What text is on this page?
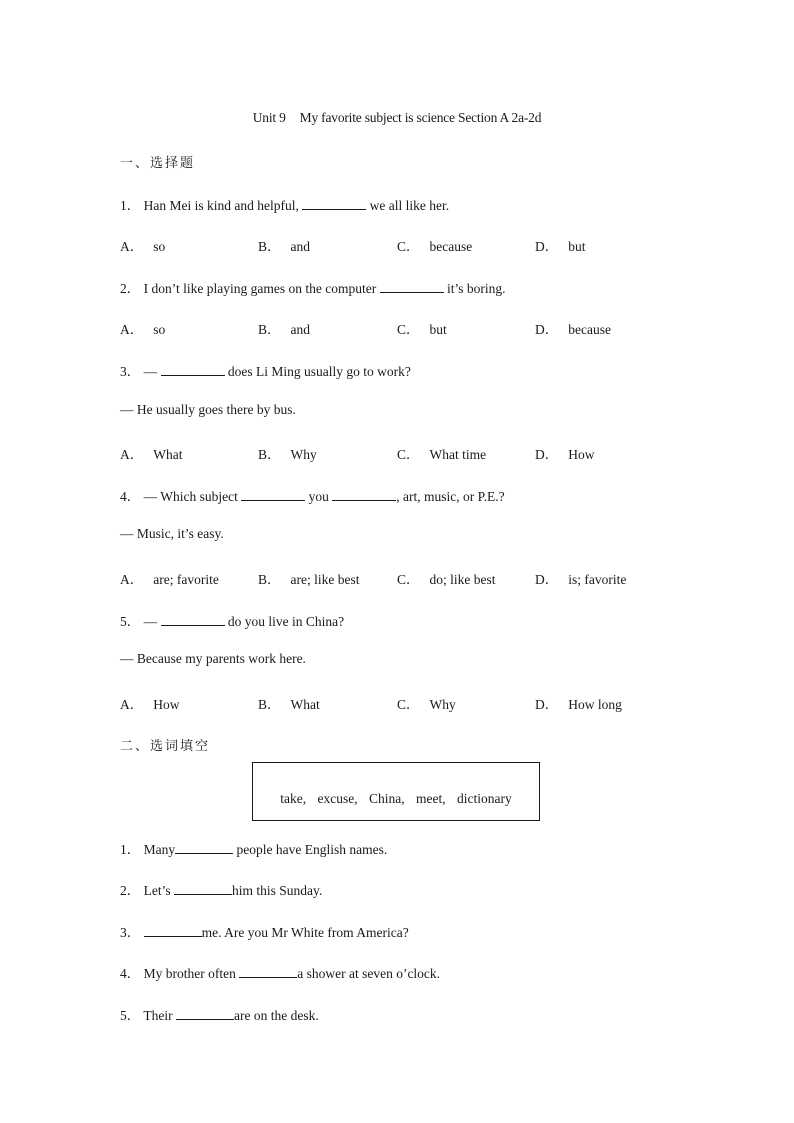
Unit 9 My favorite subject is science Section A 2a-2d
一、选择题
1． Han Mei is kind and helpful,	we all like her.
A． so	B． and	C． because	D． but
2． I don’t like playing games on the computer	it’s boring.
A． so	B． and	C． but	D． because
3． —	does Li Ming usually go to work?
— He usually goes there by bus.
A． What	B． Why	C． What time	D． How
4． — Which subject	you	, art, music, or P.E.?
— Music, it’s easy.
A． are; favorite	B． are; like best	C． do; like best	D． is; favorite
5． —	do you live in China?
— Because my parents work here.
A． How	B． What	C． Why	D． How long
二、选词填空
take, excuse, China, meet, dictionary
1． Many	people have English names.
2． Let’s	him this Sunday.
3．	me. Are you Mr White from America?
4． My brother often	a shower at seven o’clock.
5． Their	are on the desk.
